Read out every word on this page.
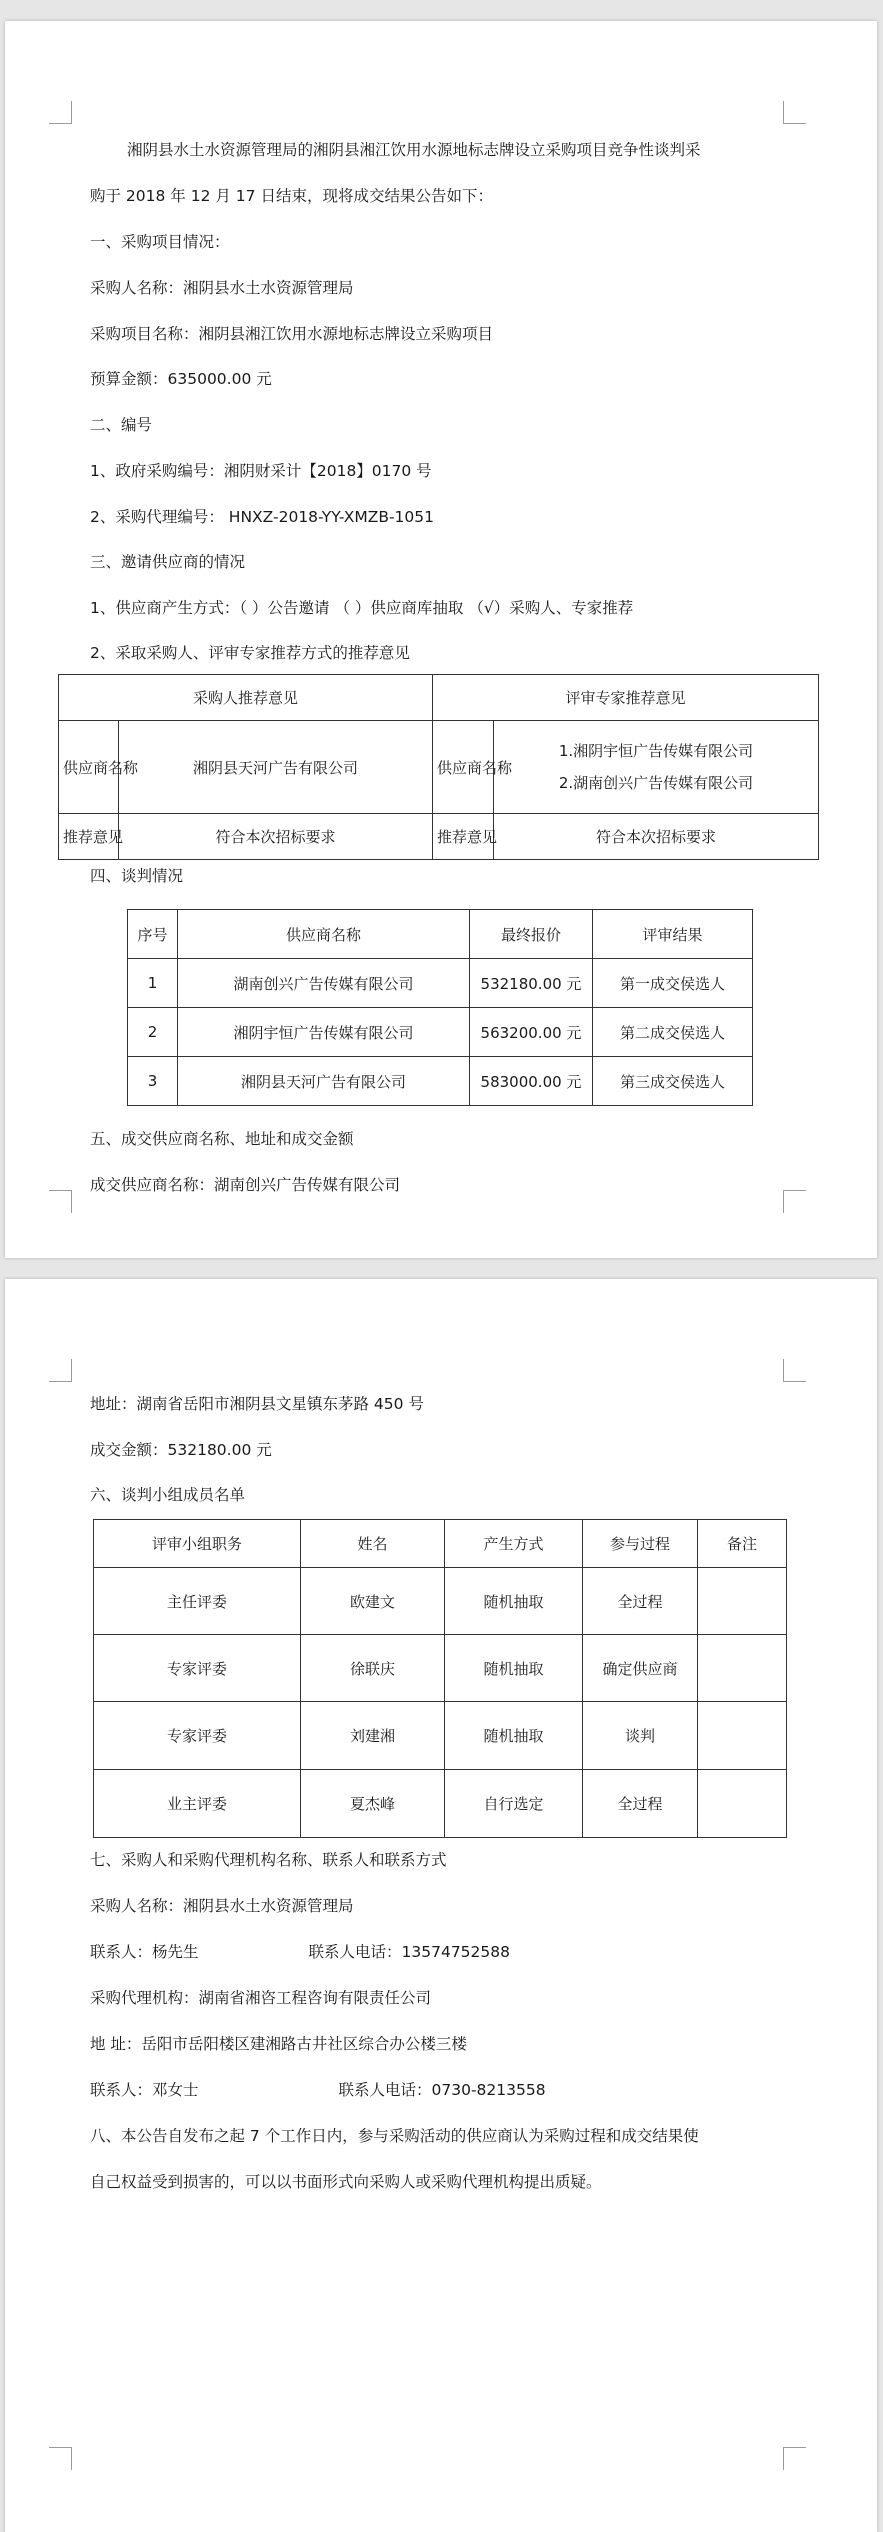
湘阴县水土水资源管理局的湘阴县湘江饮用水源地标志牌设立采购项目竞争性谈判采
购于 2018 年 12 月 17 日结束，现将成交结果公告如下：
一、采购项目情况：
采购人名称：湘阴县水土水资源管理局
采购项目名称：湘阴县湘江饮用水源地标志牌设立采购项目
预算金额：635000.00 元
二、编号
1、政府采购编号：湘阴财采计【2018】0170 号
2、采购代理编号： HNXZ-2018-YY-XMZB-1051
三、邀请供应商的情况
1、供应商产生方式：（ ）公告邀请 （ ）供应商库抽取 （√）采购人、专家推荐
2、采取采购人、评审专家推荐方式的推荐意见
采购人推荐意见		评审专家推荐意见	
供应商名称	湘阴县天河广告有限公司	供应商名称	1.湘阴宇恒广告传媒有限公司
2.湖南创兴广告传媒有限公司

推荐意见	符合本次招标要求	推荐意见	符合本次招标要求
四、谈判情况
序号	供应商名称	最终报价	评审结果
1	湖南创兴广告传媒有限公司	532180.00 元	第一成交侯选人
2	湘阴宇恒广告传媒有限公司	563200.00 元	第二成交侯选人
3	湘阴县天河广告有限公司	583000.00 元	第三成交侯选人
五、成交供应商名称、地址和成交金额
成交供应商名称：湖南创兴广告传媒有限公司
地址：湖南省岳阳市湘阴县文星镇东茅路 450 号
成交金额：532180.00 元
六、谈判小组成员名单
评审小组职务	姓名	产生方式	参与过程	备注
主任评委	欧建文	随机抽取	全过程	
专家评委	徐联庆	随机抽取	确定供应商	
专家评委	刘建湘	随机抽取	谈判	
业主评委	夏杰峰	自行选定	全过程	
七、采购人和采购代理机构名称、联系人和联系方式
采购人名称：湘阴县水土水资源管理局
联系人：杨先生	联系人电话：13574752588
采购代理机构：湖南省湘咨工程咨询有限责任公司
地 址：岳阳市岳阳楼区建湘路古井社区综合办公楼三楼
联系人：邓女士	联系人电话：0730-8213558
八、本公告自发布之起 7 个工作日内，参与采购活动的供应商认为采购过程和成交结果使
自己权益受到损害的，可以以书面形式向采购人或采购代理机构提出质疑。
